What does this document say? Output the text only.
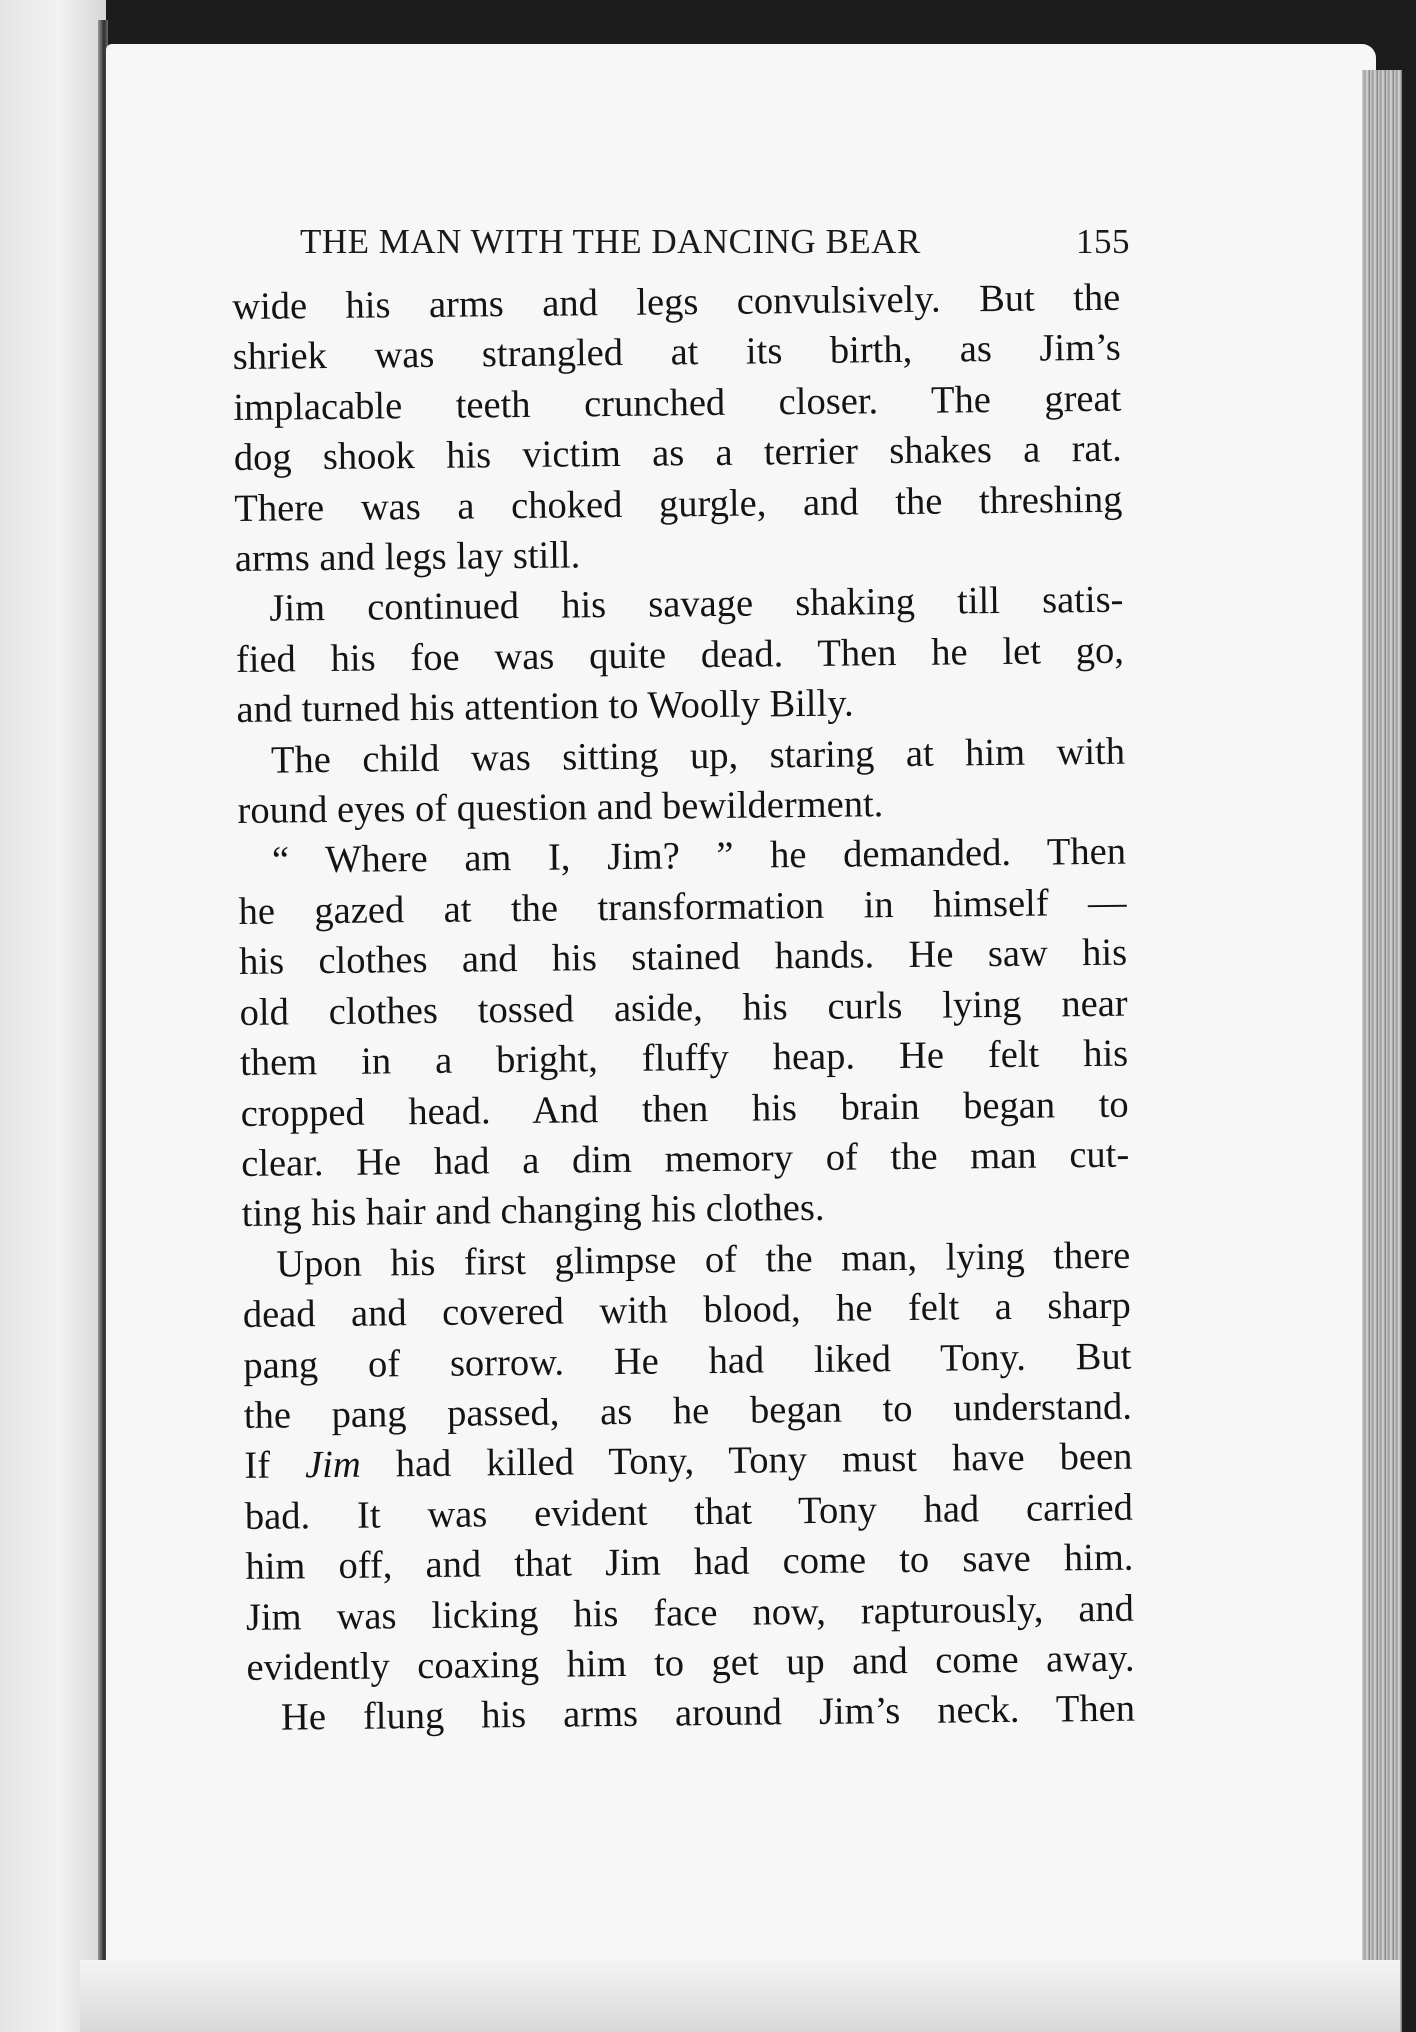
THE MAN WITH THE DANCING BEAR	155
wide his arms and legs convulsively. But the
shriek was strangled at its birth, as Jim’s
implacable teeth crunched closer. The great
dog shook his victim as a terrier shakes a rat.
There was a choked gurgle, and the threshing
arms and legs lay still.
Jim continued his savage shaking till satis-
fied his foe was quite dead. Then he let go,
and turned his attention to Woolly Billy.
The child was sitting up, staring at him with
round eyes of question and bewilderment.
“ Where am I, Jim? ” he demanded. Then
he gazed at the transformation in himself —
his clothes and his stained hands. He saw his
old clothes tossed aside, his curls lying near
them in a bright, fluffy heap. He felt his
cropped head. And then his brain began to
clear. He had a dim memory of the man cut-
ting his hair and changing his clothes.
Upon his first glimpse of the man, lying there
dead and covered with blood, he felt a sharp
pang of sorrow. He had liked Tony. But
the pang passed, as he began to understand.
If Jim had killed Tony, Tony must have been
bad. It was evident that Tony had carried
him off, and that Jim had come to save him.
Jim was licking his face now, rapturously, and
evidently coaxing him to get up and come away.
He flung his arms around Jim’s neck. Then
